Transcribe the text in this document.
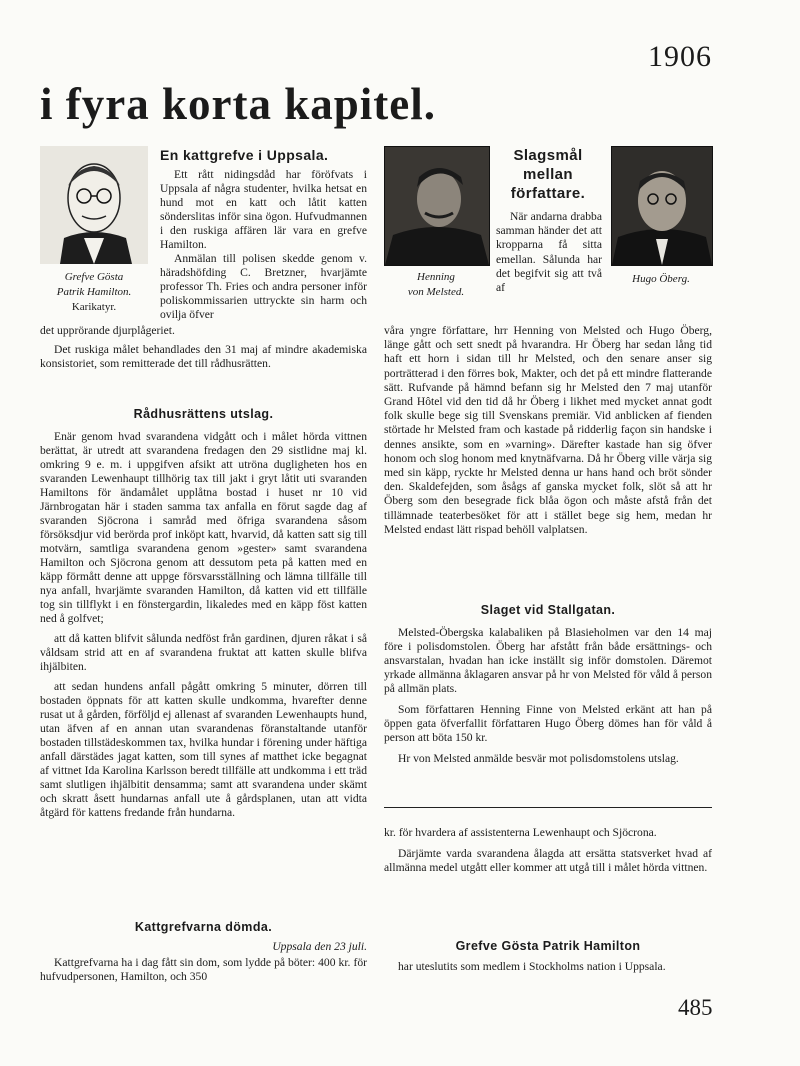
1906
i fyra korta kapitel.
Grefve Gösta
Patrik Hamilton.
Karikatyr.
En kattgrefve i Uppsala.

Ett rått nidingsdåd har föröfvats i Uppsala af några studenter, hvilka hetsat en hund mot en katt och låtit katten sönderslitas inför sina ögon. Hufvudmannen i den ruskiga affären lär vara en grefve Hamilton.

Anmälan till polisen skedde genom v. häradshöfding C. Bretzner, hvarjämte professor Th. Fries och andra personer inför poliskommissarien uttryckte sin harm och ovilja öfver

det upprörande djurplågeriet.

Det ruskiga målet behandlades den 31 maj af mindre akademiska konsistoriet, som remitterade det till rådhusrätten.

Rådhusrättens utslag.

Enär genom hvad svarandena vidgått och i målet hörda vittnen berättat, är utredt att svarandena fredagen den 29 sistlidne maj kl. omkring 9 e. m. i uppgifven afsikt att utröna dugligheten hos en svaranden Lewenhaupt tillhörig tax till jakt i gryt låtit uti svaranden Hamiltons för ändamålet upplåtna bostad i huset nr 10 vid Järnbrogatan här i staden samma tax anfalla en förut sagde dag af svaranden Sjöcrona i samråd med öfriga svarandena såsom försöksdjur vid berörda prof inköpt katt, hvarvid, då katten satt sig till motvärn, samtliga svarandena genom »gester» samt svarandena Hamilton och Sjöcrona genom att dessutom peta på katten med en käpp förmått denne att uppge försvarsställning och lämna tillfälle till nya anfall, hvarjämte svaranden Hamilton, då katten vid ett tillfälle tog sin tillflykt i en fönstergardin, likaledes med en käpp föst katten ned å golfvet;

att då katten blifvit sålunda nedföst från gardinen, djuren råkat i så våldsam strid att en af svarandena fruktat att katten skulle blifva ihjälbiten.

att sedan hundens anfall pågått omkring 5 minuter, dörren till bostaden öppnats för att katten skulle undkomma, hvarefter denne rusat ut å gården, förföljd ej allenast af svaranden Lewenhaupts hund, utan äfven af en annan utan svarandenas föranstaltande utanför bostaden tillstädeskommen tax, hvilka hundar i förening under häftiga anfall därstädes jagat katten, som till synes af matthet icke begagnat af vittnet Ida Karolina Karlsson beredt tillfälle att undkomma i ett träd samt slutligen ihjälbitit densamma; samt att svarandena under skämt och skratt åsett hundarnas anfall ute å gårdsplanen, utan att vidta åtgärd för kattens fredande från hundarna.

Kattgrefvarna dömda.

Uppsala den 23 juli.

Kattgrefvarna ha i dag fått sin dom, som lydde på böter: 400 kr. för hufvudpersonen, Hamilton, och 350

Henning
von Melsted.
Slagsmål
mellan
författare.

När andarna drabba samman händer det att kropparna få sitta emellan. Sålunda har det begifvit sig att två af

Hugo Öberg.

våra yngre författare, hrr Henning von Melsted och Hugo Öberg, länge gått och sett snedt på hvarandra. Hr Öberg har sedan lång tid haft ett horn i sidan till hr Melsted, och den senare anser sig porträtterad i den förres bok, Makter, och det på ett mindre flatterande sätt. Rufvande på hämnd befann sig hr Melsted den 7 maj utanför Grand Hôtel vid den tid då hr Öberg i likhet med mycket annat godt folk skulle bege sig till Svenskans premiär. Vid anblicken af fienden störtade hr Melsted fram och kastade på ridderlig façon sin handske i dennes ansikte, som en »varning». Därefter kastade han sig öfver honom och slog honom med knytnäfvarna. Då hr Öberg ville värja sig med sin käpp, ryckte hr Melsted denna ur hans hand och bröt sönder den. Skaldefejden, som åsågs af ganska mycket folk, slöt så att hr Öberg som den besegrade fick blåa ögon och måste afstå från det tillämnade teaterbesöket för att i stället bege sig hem, medan hr Melsted endast lätt rispad behöll valplatsen.

Slaget vid Stallgatan.

Melsted-Öbergska kalabaliken på Blasieholmen var den 14 maj före i polisdomstolen. Öberg har afstått från både ersättnings- och ansvarstalan, hvadan han icke inställt sig inför domstolen. Däremot yrkade allmänna åklagaren ansvar på hr von Melsted för våld å person på allmän plats.

Som författaren Henning Finne von Melsted erkänt att han på öppen gata öfverfallit författaren Hugo Öberg dömes han för våld å person att böta 150 kr.

Hr von Melsted anmälde besvär mot polisdomstolens utslag.

kr. för hvardera af assistenterna Lewenhaupt och Sjöcrona.

Därjämte varda svarandena ålagda att ersätta statsverket hvad af allmänna medel utgått eller kommer att utgå till i målet hörda vittnen.

Grefve Gösta Patrik Hamilton

har uteslutits som medlem i Stockholms nation i Uppsala.

485
